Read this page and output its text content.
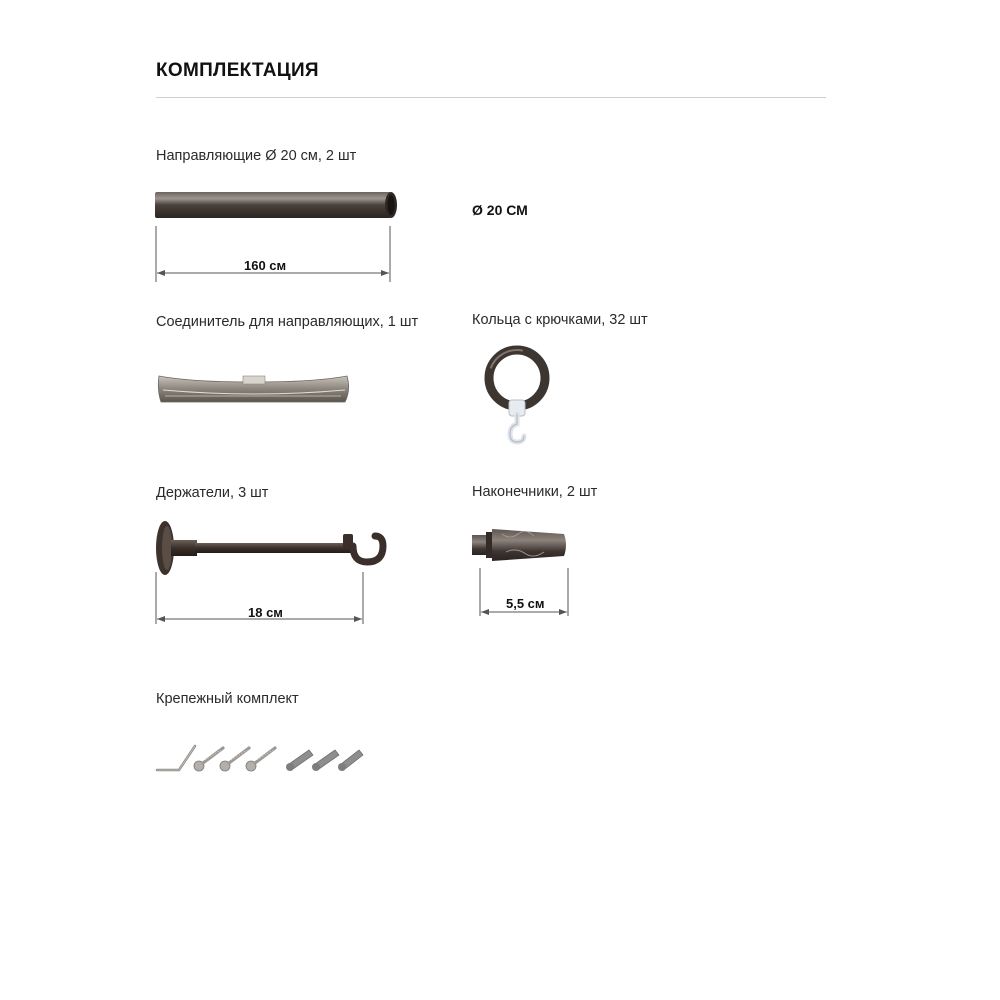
КОМПЛЕКТАЦИЯ
Направляющие Ø 20 см, 2 шт
160 см
Ø 20 СМ
Соединитель для направляющих, 1 шт	Кольца с крючками, 32 шт
Держатели, 3 шт
18 см
Наконечники, 2 шт
5,5 см
Крепежный комплект
